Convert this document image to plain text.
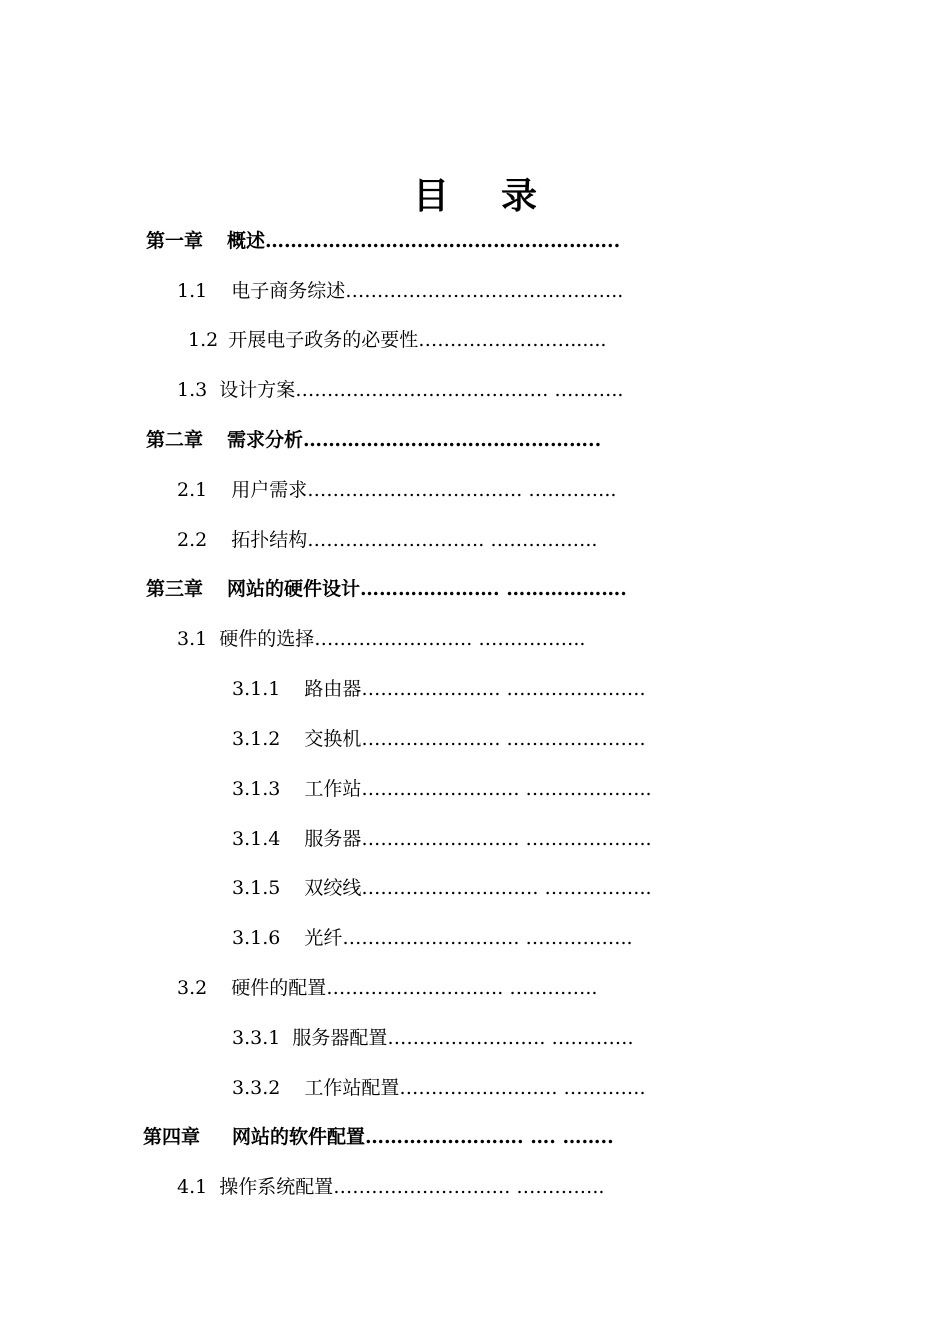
目 录
第一章 概述………………………………………………..
1.1 电子商务综述……………………………………..
1.2 开展电子政务的必要性……………………......
1.3 设计方案…………………………………. ………..
第二章 需求分析………………………………………..
2.1 用户需求……………………………. …………..
2.2 拓扑结构………………………. ……………..
第三章 网站的硬件设计…………………. ……………….
3.1 硬件的选择……………………. ……………..
3.1.1 路由器…………………. ………………….
3.1.2 交换机…………………. ………………….
3.1.3 工作站……………………. ………………..
3.1.4 服务器……………………. ………………..
3.1.5 双绞线………………………. ……………..
3.1.6 光纤………………………. ……………..
3.2 硬件的配置………………………. …………..
3.3.1 服务器配置……………………. ………….
3.3.2 工作站配置……………………. ………….
第四章 网站的软件配置……………………. …. ……..
4.1 操作系统配置………………………. …………..
